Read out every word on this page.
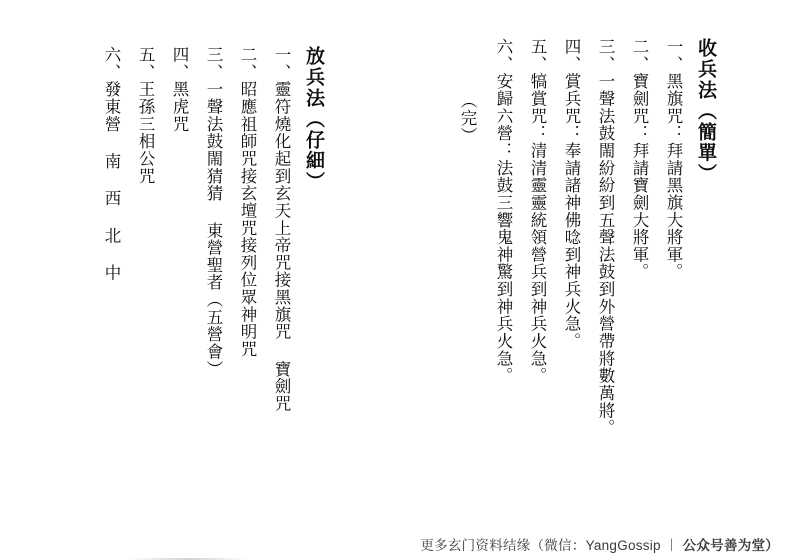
收兵法（簡單）
一、黑旗咒：拜請黑旗大將軍。
二、寶劍咒：拜請寶劍大將軍。
三、一聲法鼓閙紛紛到五聲法鼓到外營帶將數萬將。
四、賞兵咒：奉請諸神佛唸到神兵火急。
五、犒賞咒：清清靈靈統領營兵到神兵火急。
六、安歸六營：法鼓三響鬼神驚到神兵火急。
（完）
放兵法（仔細）
一、靈符燒化起到玄天上帝咒接黑旗咒 寶劍咒
二、昭應祖師咒接玄壇咒接列位眾神明咒
三、一聲法鼓閙猜猜 東營聖者（五營會）
四、黑虎咒
五、王孫三相公咒
六、發東營 南 西 北 中
更多玄门资料结缘（微信：YangGossip 丨 公众号善为堂）
